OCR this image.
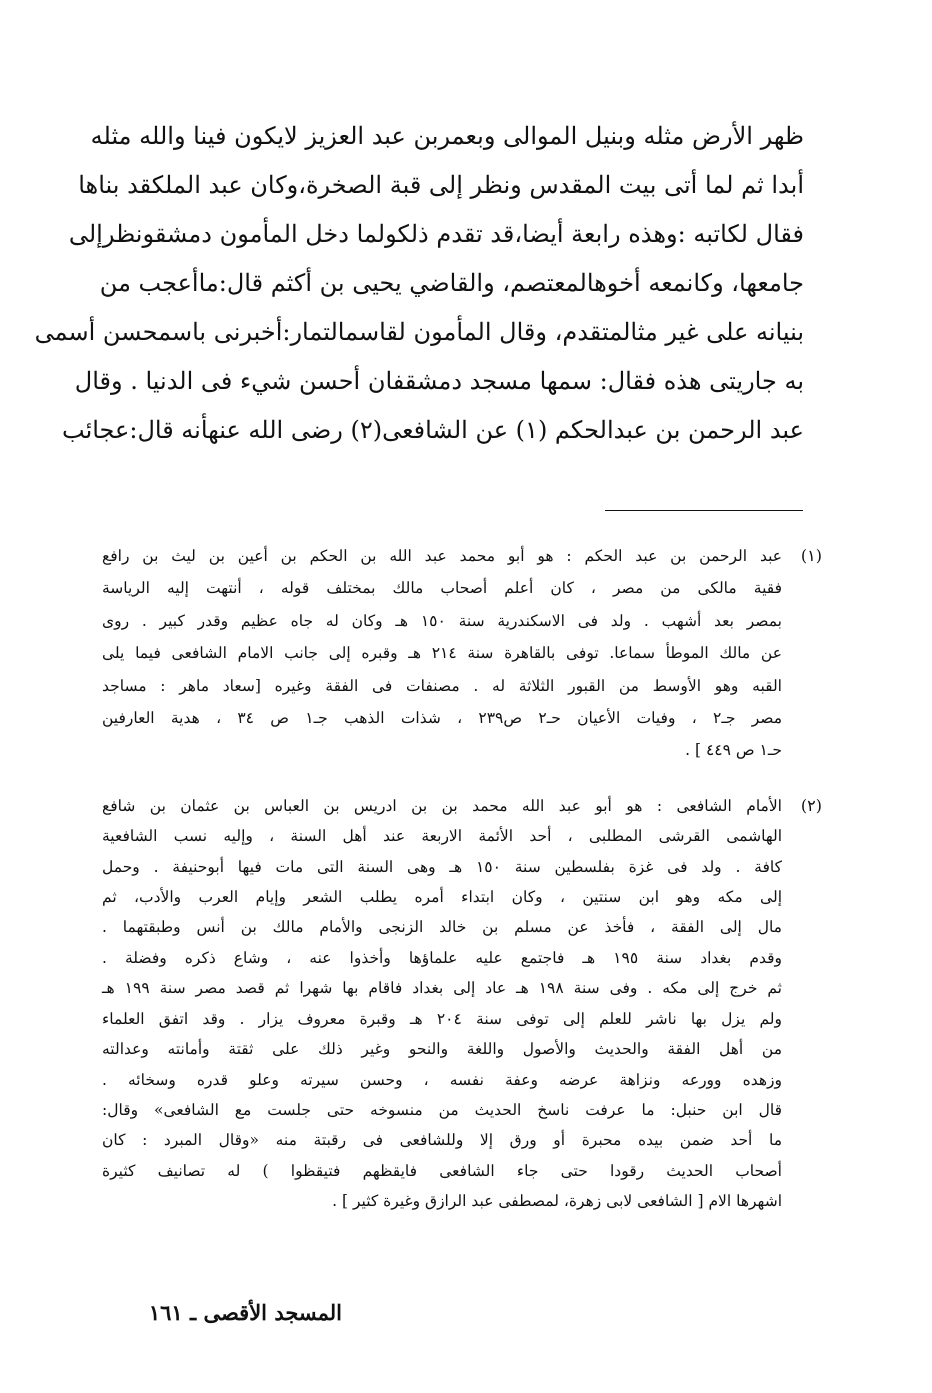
ظهر الأرض مثله وبنيل الموالى وبعمربن عبد العزيز لايكون فينا والله مثله
أبدا ثم لما أتى بيت المقدس ونظر إلى قبة الصخرة،وكان عبد الملكقد بناها
فقال لكاتبه :وهذه رابعة أيضا،قد تقدم ذلكولما دخل المأمون دمشقونظرإلى
جامعها، وكانمعه أخوهالمعتصم، والقاضي يحيى بن أكثم قال:ماأعجب من
بنيانه على غير مثالمتقدم، وقال المأمون لقاسمالتمار:أخبرنى باسمحسن أسمى
به جاريتى هذه فقال: سمها مسجد دمشقفان أحسن شيء فى الدنيا . وقال
عبد الرحمن بن عبدالحكم (١) عن الشافعى(٢) رضى الله عنهأنه قال:عجائب
(١)
عبد الرحمن بن عبد الحكم : هو أبو محمد عبد الله بن الحكم بن أعين بن ليث بن رافع
فقية مالكى من مصر ، كان أعلم أصحاب مالك بمختلف قوله ، أنتهت إليه الرياسة
بمصر بعد أشهب . ولد فى الاسكندرية سنة ١٥٠ هـ وكان له جاه عظيم وقدر كبير . روى
عن مالك الموطأ سماعا. توفى بالقاهرة سنة ٢١٤ هـ وقبره إلى جانب الامام الشافعى فيما يلى
القبه وهو الأوسط من القبور الثلاثة له . مصنفات فى الفقة وغيره [سعاد ماهر : مساجد
مصر جـ٢ ، وفيات الأعيان حـ٢ ص٢٣٩ ، شذات الذهب جـ١ ص ٣٤ ، هدية العارفين
حـ١ ص ٤٤٩ ] .
(٢)
الأمام الشافعى : هو أبو عبد الله محمد بن بن ادريس بن العباس بن عثمان بن شافع
الهاشمى القرشى المطلبى ، أحد الأئمة الاربعة عند أهل السنة ، وإليه نسب الشافعية
كافة . ولد فى غزة بفلسطين سنة ١٥٠ هـ وهى السنة التى مات فيها أبوحنيفة . وحمل
إلى مكه وهو ابن سنتين ، وكان ابتداء أمره يطلب الشعر وإيام العرب والأدب، ثم
مال إلى الفقة ، فأخذ عن مسلم بن خالد الزنجى والأمام مالك بن أنس وطبقتهما .
وقدم بغداد سنة ١٩٥ هـ فاجتمع عليه علماؤها وأخذوا عنه ، وشاع ذكره وفضلة .
ثم خرج إلى مكه . وفى سنة ١٩٨ هـ عاد إلى بغداد فاقام بها شهرا ثم قصد مصر سنة ١٩٩ هـ
ولم يزل بها ناشر للعلم إلى توفى سنة ٢٠٤ هـ وقبرة معروف يزار . وقد اتفق العلماء
من أهل الفقة والحديث والأصول واللغة والنحو وغير ذلك على ثقتة وأمانته وعدالته
وزهده وورعه ونزاهة عرضه وعفة نفسه ، وحسن سيرته وعلو قدره وسخائه .
قال ابن حنبل: ما عرفت ناسخ الحديث من منسوخه حتى جلست مع الشافعى» وقال:
ما أحد ضمن بيده محبرة أو ورق إلا وللشافعى فى رقبتة منه «وقال المبرد : كان
أصحاب الحديث رقودا حتى جاء الشافعى فايقظهم فتيقظوا ) له تصانيف كثيرة
اشهرها الام [ الشافعى لابى زهرة، لمصطفى عبد الرازق وغيرة كثير ] .
المسجد الأقصى ـ ١٦١
